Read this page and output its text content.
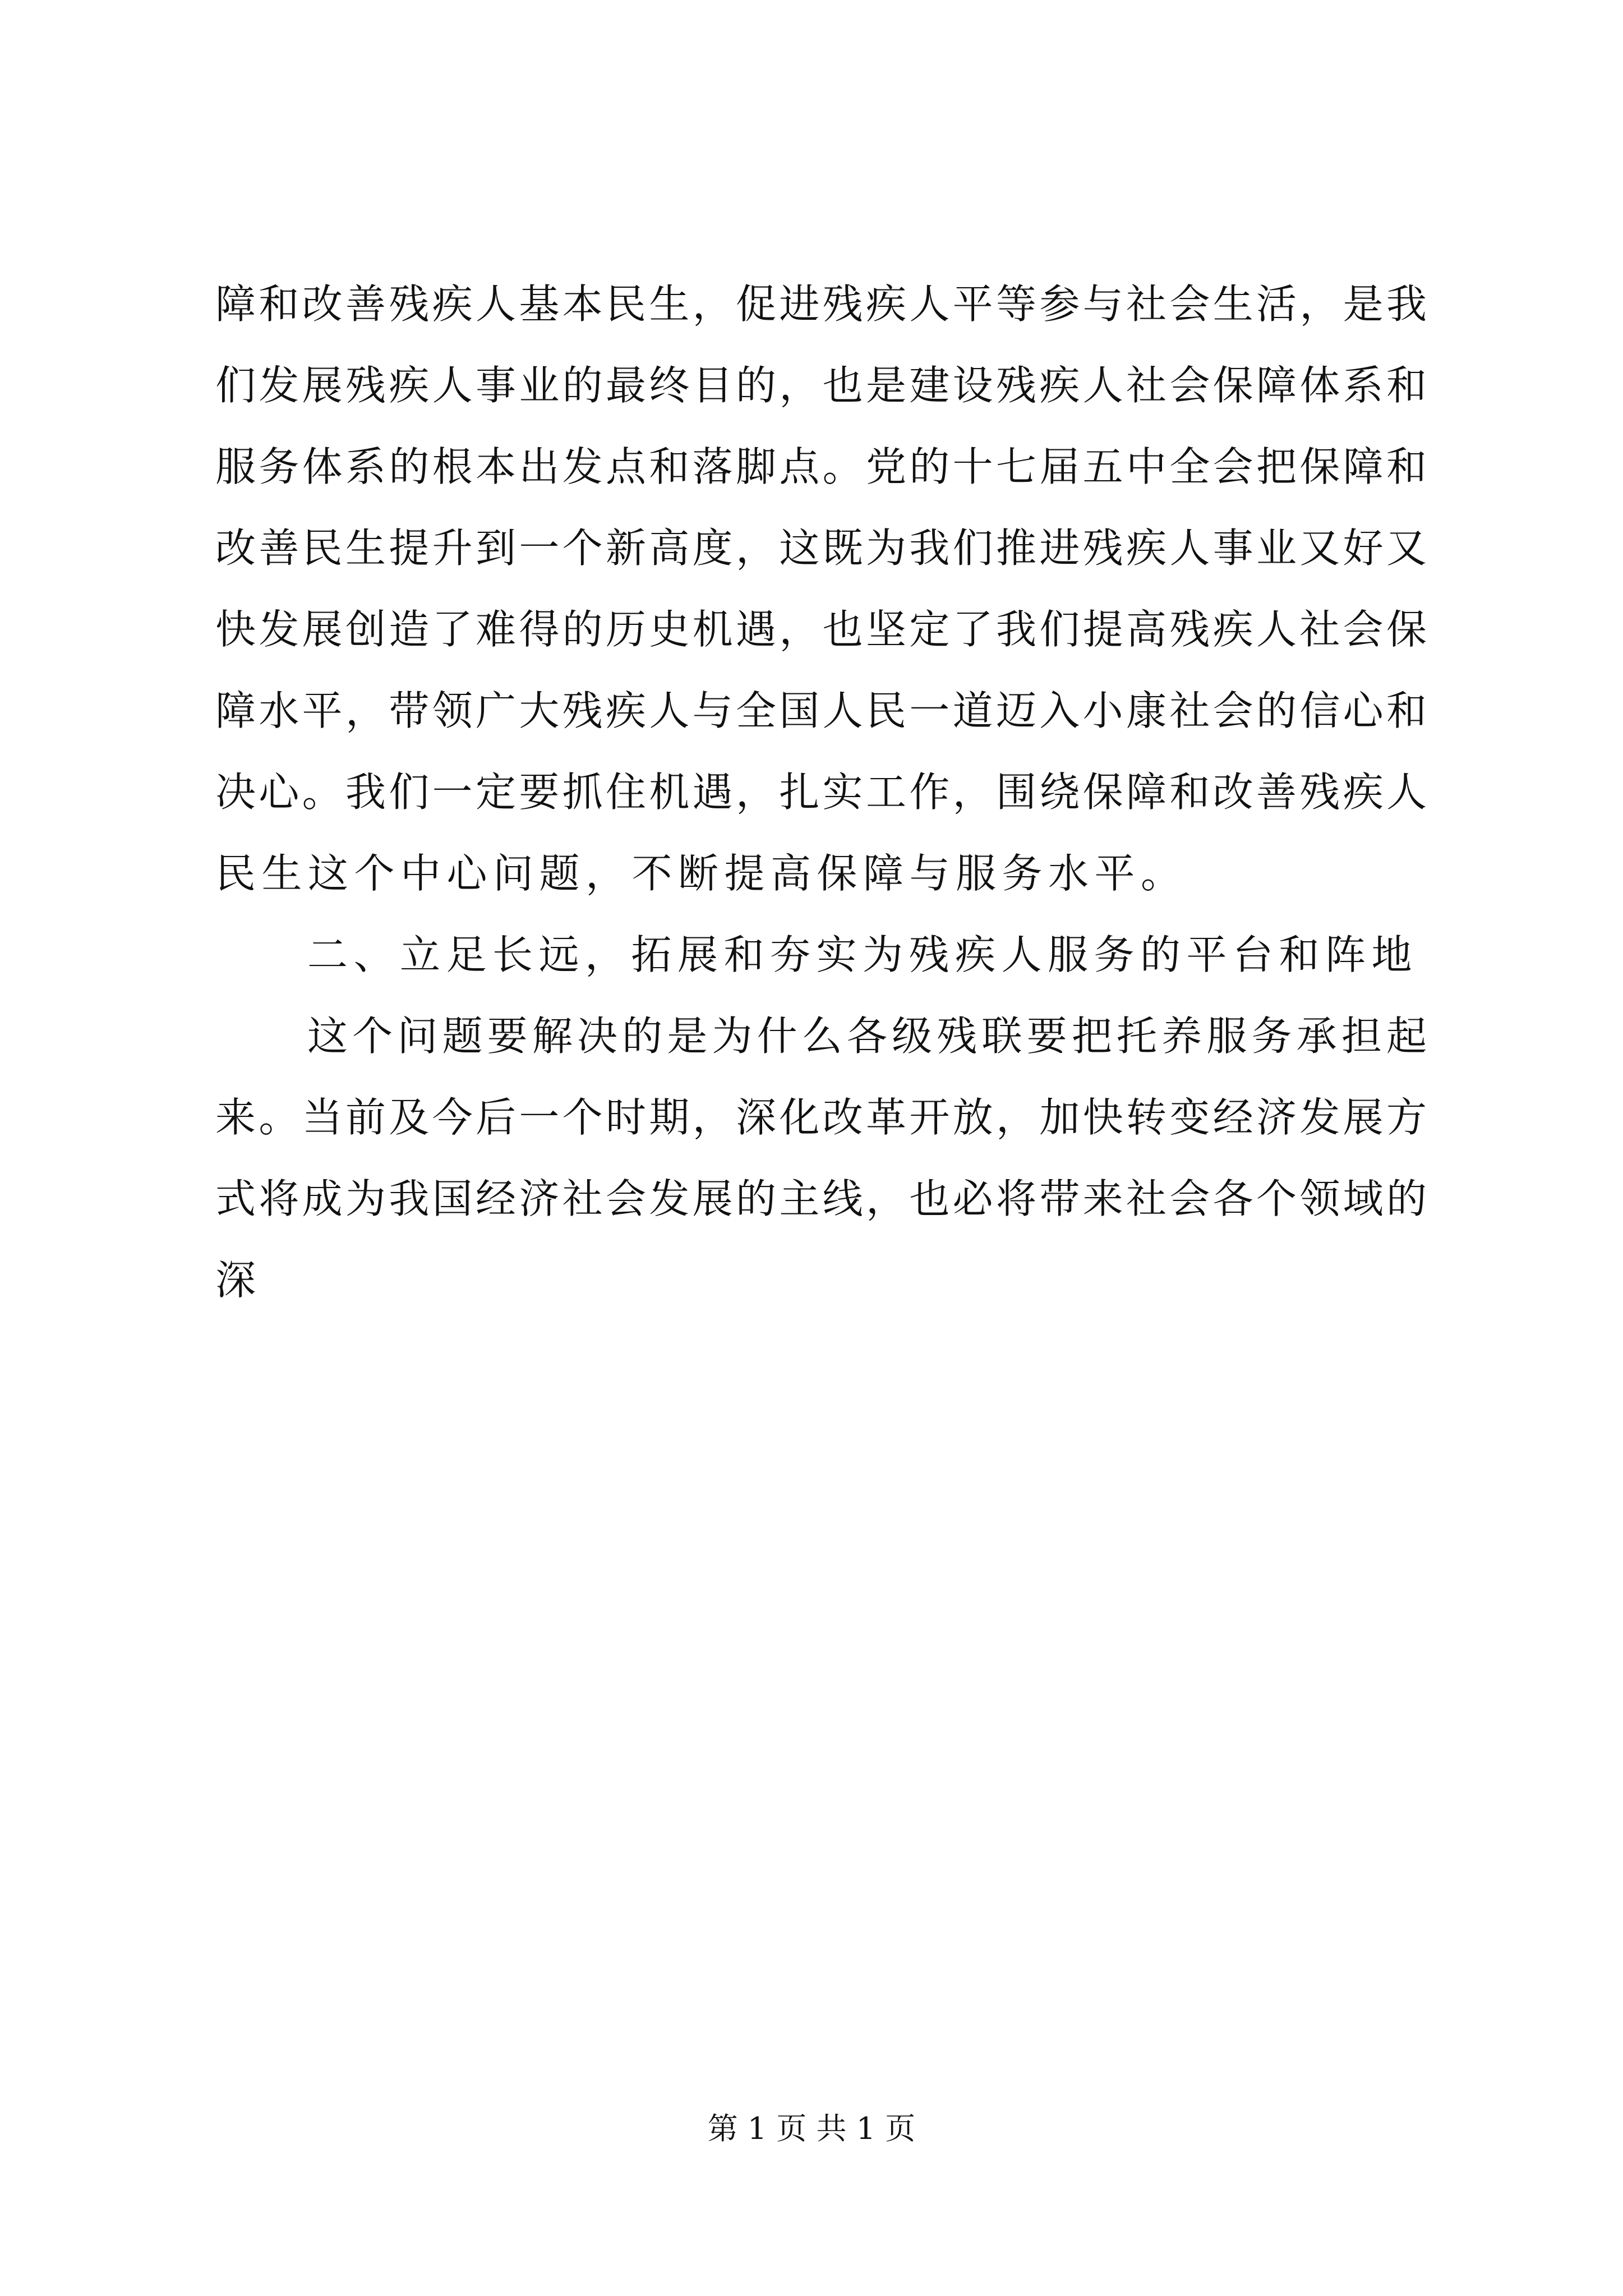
障和改善残疾人基本民生，促进残疾人平等参与社会生活，是我
们发展残疾人事业的最终目的，也是建设残疾人社会保障体系和
服务体系的根本出发点和落脚点。党的十七届五中全会把保障和
改善民生提升到一个新高度，这既为我们推进残疾人事业又好又
快发展创造了难得的历史机遇，也坚定了我们提高残疾人社会保
障水平，带领广大残疾人与全国人民一道迈入小康社会的信心和
决心。我们一定要抓住机遇，扎实工作，围绕保障和改善残疾人
民生这个中心问题，不断提高保障与服务水平。
二、立足长远，拓展和夯实为残疾人服务的平台和阵地
这个问题要解决的是为什么各级残联要把托养服务承担起
来。当前及今后一个时期，深化改革开放，加快转变经济发展方
式将成为我国经济社会发展的主线，也必将带来社会各个领域的
深
第 1 页 共 1 页
